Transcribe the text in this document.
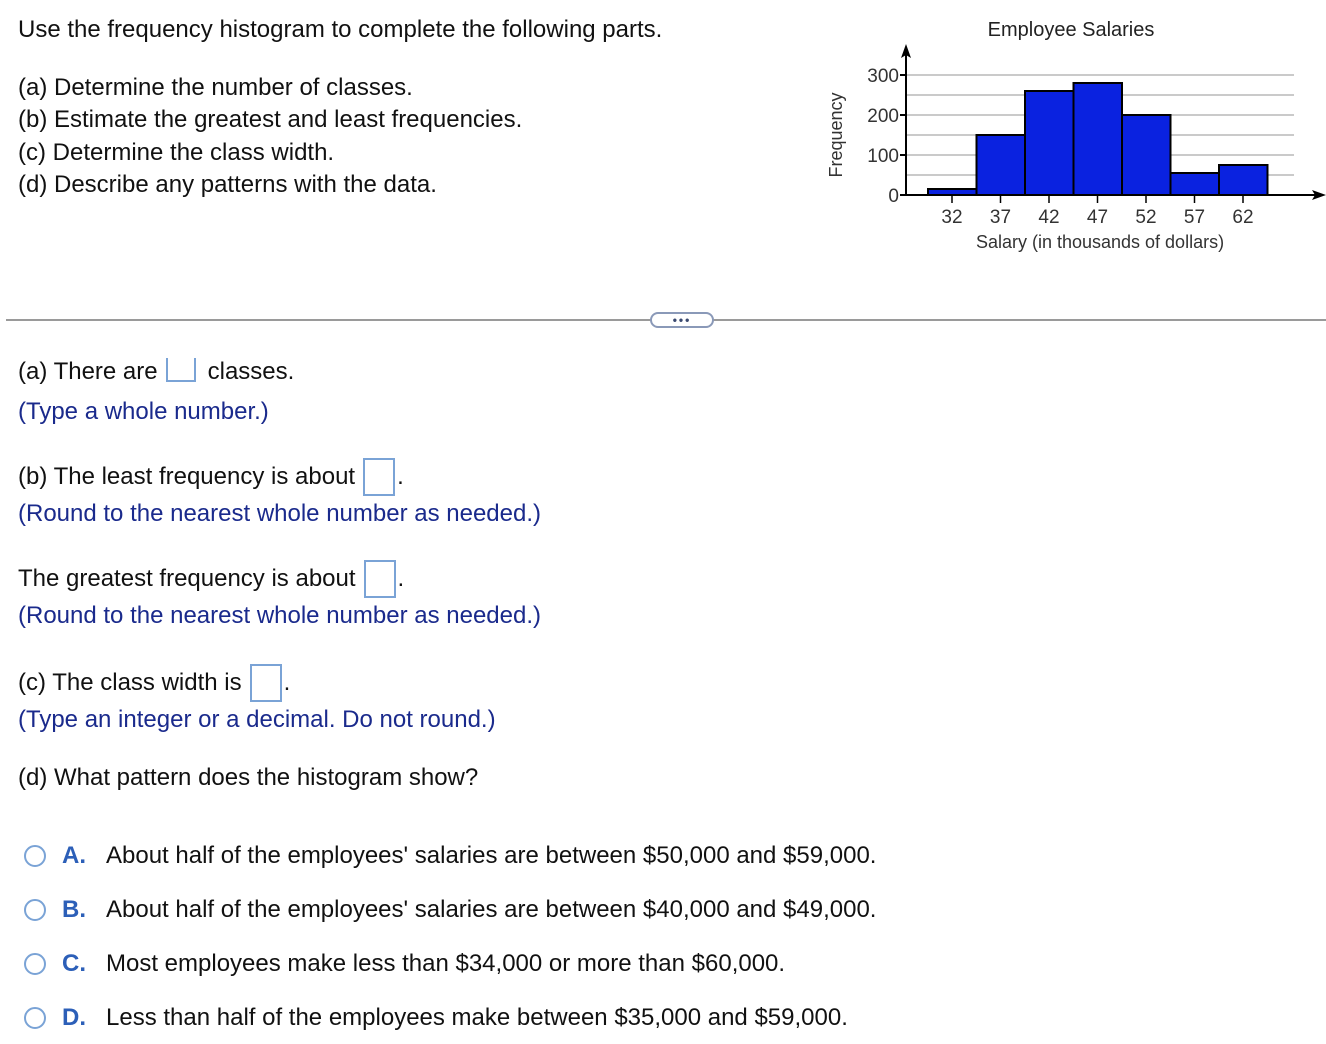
Use the frequency histogram to complete the following parts.
(a) Determine the number of classes.
(b) Estimate the greatest and least frequencies.
(c) Determine the class width.
(d) Describe any patterns with the data.
300
200
100
0
32 37 42 47 52 57 62
Employee Salaries
Salary (in thousands of dollars)
Frequency
•••
(a) There are classes.
(Type a whole number.)
(b) The least frequency is about .
(Round to the nearest whole number as needed.)
The greatest frequency is about .
(Round to the nearest whole number as needed.)
(c) The class width is .
(Type an integer or a decimal. Do not round.)
(d) What pattern does the histogram show?
A. About half of the employees' salaries are between $50,000 and $59,000.
B. About half of the employees' salaries are between $40,000 and $49,000.
C. Most employees make less than $34,000 or more than $60,000.
D. Less than half of the employees make between $35,000 and $59,000.
